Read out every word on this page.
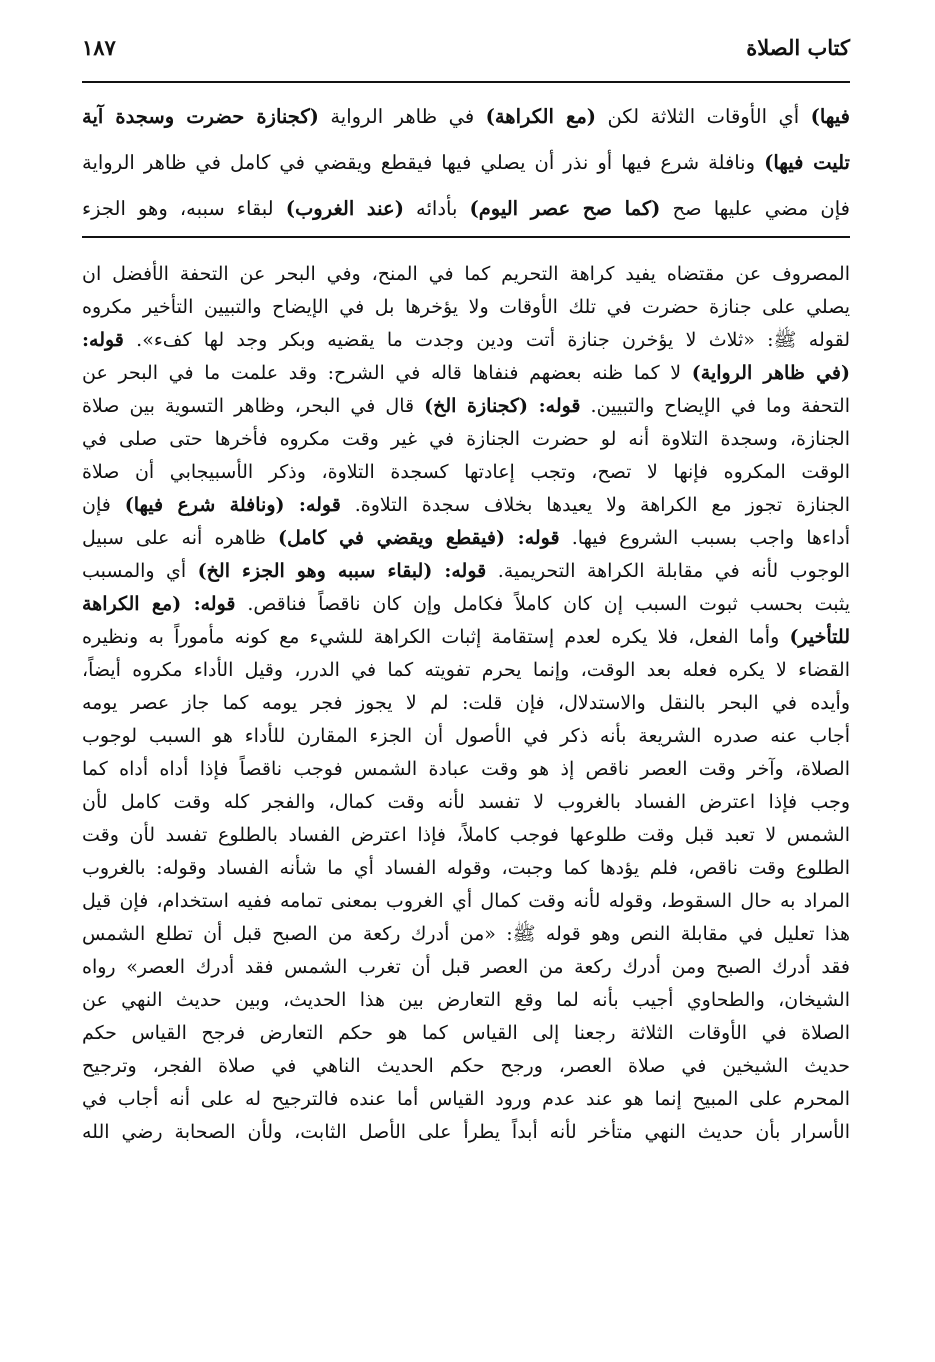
كتاب الصلاة
١٨٧
فيها) أي الأوقات الثلاثة لكن (مع الكراهة) في ظاهر الرواية (كجنازة حضرت وسجدة آية
تليت فيها) ونافلة شرع فيها أو نذر أن يصلي فيها فيقطع ويقضي في كامل في ظاهر الرواية
فإن مضي عليها صح (كما صح عصر اليوم) بأدائه (عند الغروب) لبقاء سببه، وهو الجزء
المصروف عن مقتضاه يفيد كراهة التحريم كما في المنح، وفي البحر عن التحفة الأفضل ان
يصلي على جنازة حضرت في تلك الأوقات ولا يؤخرها بل في الإيضاح والتبيين التأخير مكروه
لقوله ﷺ: «ثلاث لا يؤخرن جنازة أتت ودين وجدت ما يقضيه وبكر وجد لها كفء». قوله:
(في ظاهر الرواية) لا كما ظنه بعضهم فنفاها قاله في الشرح: وقد علمت ما في البحر عن
التحفة وما في الإيضاح والتبيين. قوله: (كجنازة الخ) قال في البحر، وظاهر التسوية بين صلاة
الجنازة، وسجدة التلاوة أنه لو حضرت الجنازة في غير وقت مكروه فأخرها حتى صلى في
الوقت المكروه فإنها لا تصح، وتجب إعادتها كسجدة التلاوة، وذكر الأسبيجابي أن صلاة
الجنازة تجوز مع الكراهة ولا يعيدها بخلاف سجدة التلاوة. قوله: (ونافلة شرع فيها) فإن
أداءها واجب بسبب الشروع فيها. قوله: (فيقطع ويقضي في كامل) ظاهره أنه على سبيل
الوجوب لأنه في مقابلة الكراهة التحريمية. قوله: (لبقاء سببه وهو الجزء الخ) أي والمسبب
يثبت بحسب ثبوت السبب إن كان كاملاً فكامل وإن كان ناقصاً فناقص. قوله: (مع الكراهة
للتأخير) وأما الفعل، فلا يكره لعدم إستقامة إثبات الكراهة للشيء مع كونه مأموراً به ونظيره
القضاء لا يكره فعله بعد الوقت، وإنما يحرم تفويته كما في الدرر، وقيل الأداء مكروه أيضاً،
وأيده في البحر بالنقل والاستدلال، فإن قلت: لم لا يجوز فجر يومه كما جاز عصر يومه
أجاب عنه صدره الشريعة بأنه ذكر في الأصول أن الجزء المقارن للأداء هو السبب لوجوب
الصلاة، وآخر وقت العصر ناقص إذ هو وقت عبادة الشمس فوجب ناقصاً فإذا أداه أداه كما
وجب فإذا اعترض الفساد بالغروب لا تفسد لأنه وقت كمال، والفجر كله وقت كامل لأن
الشمس لا تعبد قبل وقت طلوعها فوجب كاملاً، فإذا اعترض الفساد بالطلوع تفسد لأن وقت
الطلوع وقت ناقص، فلم يؤدها كما وجبت، وقوله الفساد أي ما شأنه الفساد وقوله: بالغروب
المراد به حال السقوط، وقوله لأنه وقت كمال أي الغروب بمعنى تمامه ففيه استخدام، فإن قيل
هذا تعليل في مقابلة النص وهو قوله ﷺ: «من أدرك ركعة من الصبح قبل أن تطلع الشمس
فقد أدرك الصبح ومن أدرك ركعة من العصر قبل أن تغرب الشمس فقد أدرك العصر» رواه
الشيخان، والطحاوي أجيب بأنه لما وقع التعارض بين هذا الحديث، وبين حديث النهي عن
الصلاة في الأوقات الثلاثة رجعنا إلى القياس كما هو حكم التعارض فرجح القياس حكم
حديث الشيخين في صلاة العصر، ورجح حكم الحديث الناهي في صلاة الفجر، وترجيح
المحرم على المبيح إنما هو عند عدم ورود القياس أما عنده فالترجيح له على أنه أجاب في
الأسرار بأن حديث النهي متأخر لأنه أبداً يطرأ على الأصل الثابت، ولأن الصحابة رضي الله
